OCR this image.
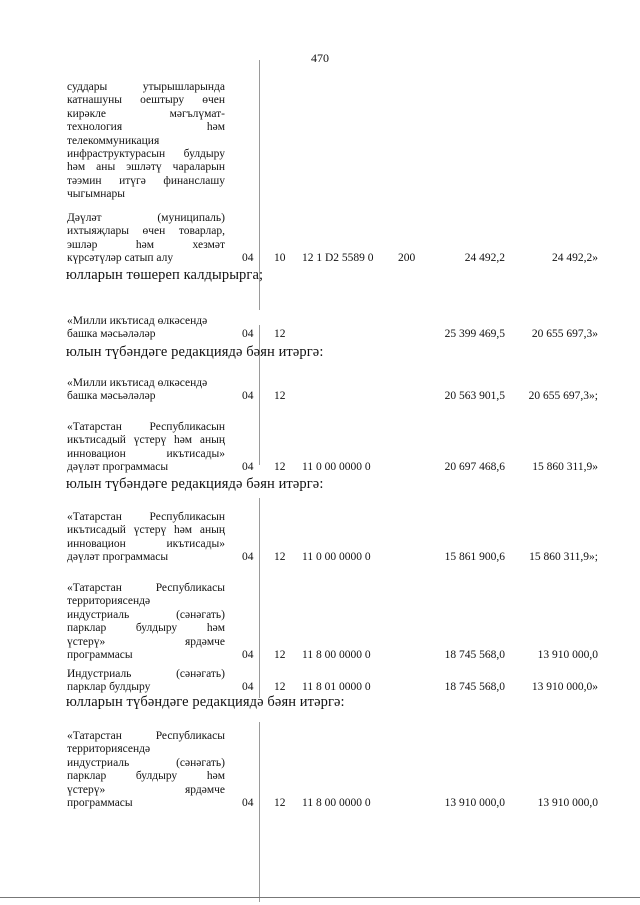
470
суддары утырышларында
катнашуны оештыру өчен
кирәкле мәгълүмат-
технология һәм
телекоммуникация
инфраструктурасын булдыру
һәм аны эшләтү чараларын
тәэмин итүгә финанслашу
чыгымнары
Дәүләт (муниципаль)
ихтыяҗлары өчен товарлар,
эшләр һәм хезмәт
күрсәтүләр сатып алу	04 10 12 1 D2 5589 0 200	24 492,2	24 492,2»
юлларын төшереп калдырырга;
«Милли икътисад өлкәсендә
башка мәсьәләләр	04 12	25 399 469,5 20 655 697,3»
юлын түбәндәге редакциядә бәян итәргә:
«Милли икътисад өлкәсендә
башка мәсьәләләр	04 12	20 563 901,5 20 655 697,3»;
«Татарстан Республикасын
икътисадый үстерү һәм аның
инновацион икътисады»
дәүләт программасы	04 12 11 0 00 0000 0	20 697 468,6 15 860 311,9»
юлын түбәндәге редакциядә бәян итәргә:
«Татарстан Республикасын
икътисадый үстерү һәм аның
инновацион икътисады»
дәүләт программасы	04 12 11 0 00 0000 0	15 861 900,6 15 860 311,9»;
«Татарстан Республикасы
территориясендә
индустриаль (сәнәгать)
парклар булдыру һәм
үстерү» ярдәмче
программасы	04 12 11 8 00 0000 0	18 745 568,0	13 910 000,0
Индустриаль (сәнәгать)
парклар булдыру	04 12 11 8 01 0000 0	18 745 568,0 13 910 000,0»
юлларын түбәндәге редакциядә бәян итәргә:
«Татарстан Республикасы
территориясендә
индустриаль (сәнәгать)
парклар булдыру һәм
үстерү» ярдәмче
программасы	04 12 11 8 00 0000 0	13 910 000,0	13 910 000,0
